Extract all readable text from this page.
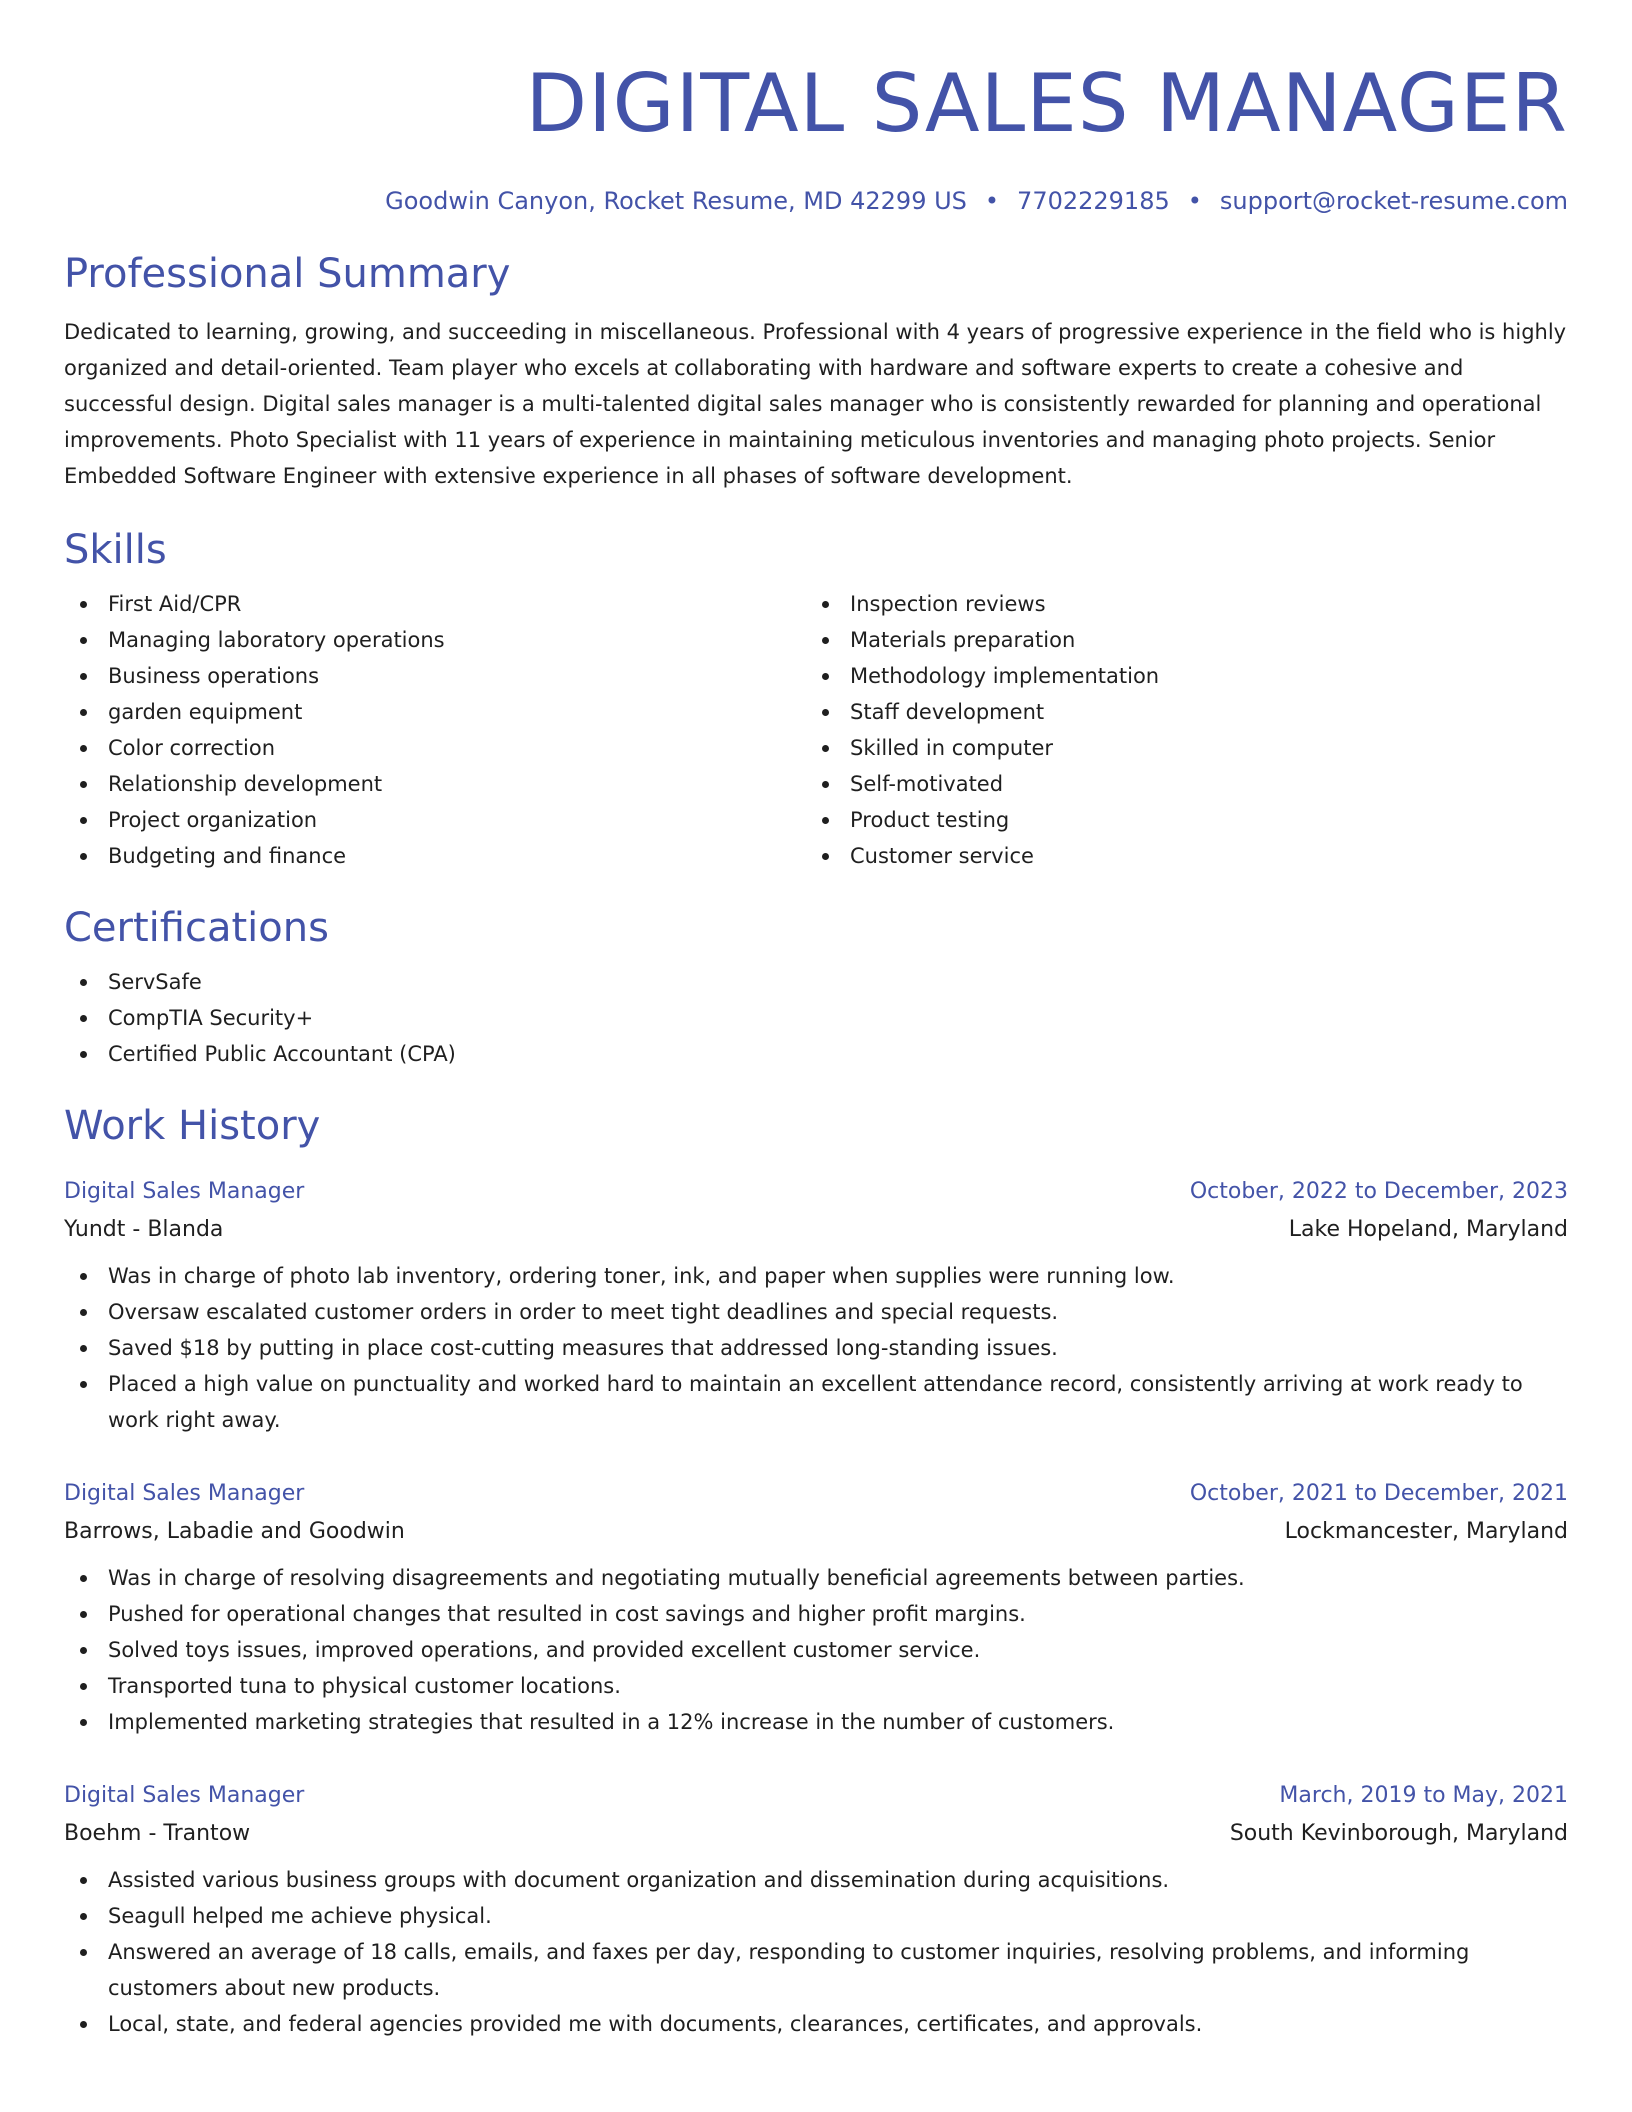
DIGITAL SALES MANAGER
Goodwin Canyon, Rocket Resume, MD 42299 US • 7702229185 • support@rocket-resume.com
Professional Summary

Dedicated to learning, growing, and succeeding in miscellaneous. Professional with 4 years of progressive experience in the field who is highly organized and detail-oriented. Team player who excels at collaborating with hardware and software experts to create a cohesive and successful design. Digital sales manager is a multi-talented digital sales manager who is consistently rewarded for planning and operational improvements. Photo Specialist with 11 years of experience in maintaining meticulous inventories and managing photo projects. Senior Embedded Software Engineer with extensive experience in all phases of software development.

Skills
First Aid/CPR
Managing laboratory operations
Business operations
garden equipment
Color correction
Relationship development
Project organization
Budgeting and finance
Inspection reviews
Materials preparation
Methodology implementation
Staff development
Skilled in computer
Self-motivated
Product testing
Customer service
Certifications
ServSafe
CompTIA Security+
Certified Public Accountant (CPA)
Work History
Digital Sales Manager	October, 2022 to December, 2023
Yundt - Blanda	Lake Hopeland, Maryland
Was in charge of photo lab inventory, ordering toner, ink, and paper when supplies were running low.
Oversaw escalated customer orders in order to meet tight deadlines and special requests.
Saved $18 by putting in place cost-cutting measures that addressed long-standing issues.
Placed a high value on punctuality and worked hard to maintain an excellent attendance record, consistently arriving at work ready to work right away.
Digital Sales Manager	October, 2021 to December, 2021
Barrows, Labadie and Goodwin	Lockmancester, Maryland
Was in charge of resolving disagreements and negotiating mutually beneficial agreements between parties.
Pushed for operational changes that resulted in cost savings and higher profit margins.
Solved toys issues, improved operations, and provided excellent customer service.
Transported tuna to physical customer locations.
Implemented marketing strategies that resulted in a 12% increase in the number of customers.
Digital Sales Manager	March, 2019 to May, 2021
Boehm - Trantow	South Kevinborough, Maryland
Assisted various business groups with document organization and dissemination during acquisitions.
Seagull helped me achieve physical.
Answered an average of 18 calls, emails, and faxes per day, responding to customer inquiries, resolving problems, and informing customers about new products.
Local, state, and federal agencies provided me with documents, clearances, certificates, and approvals.
